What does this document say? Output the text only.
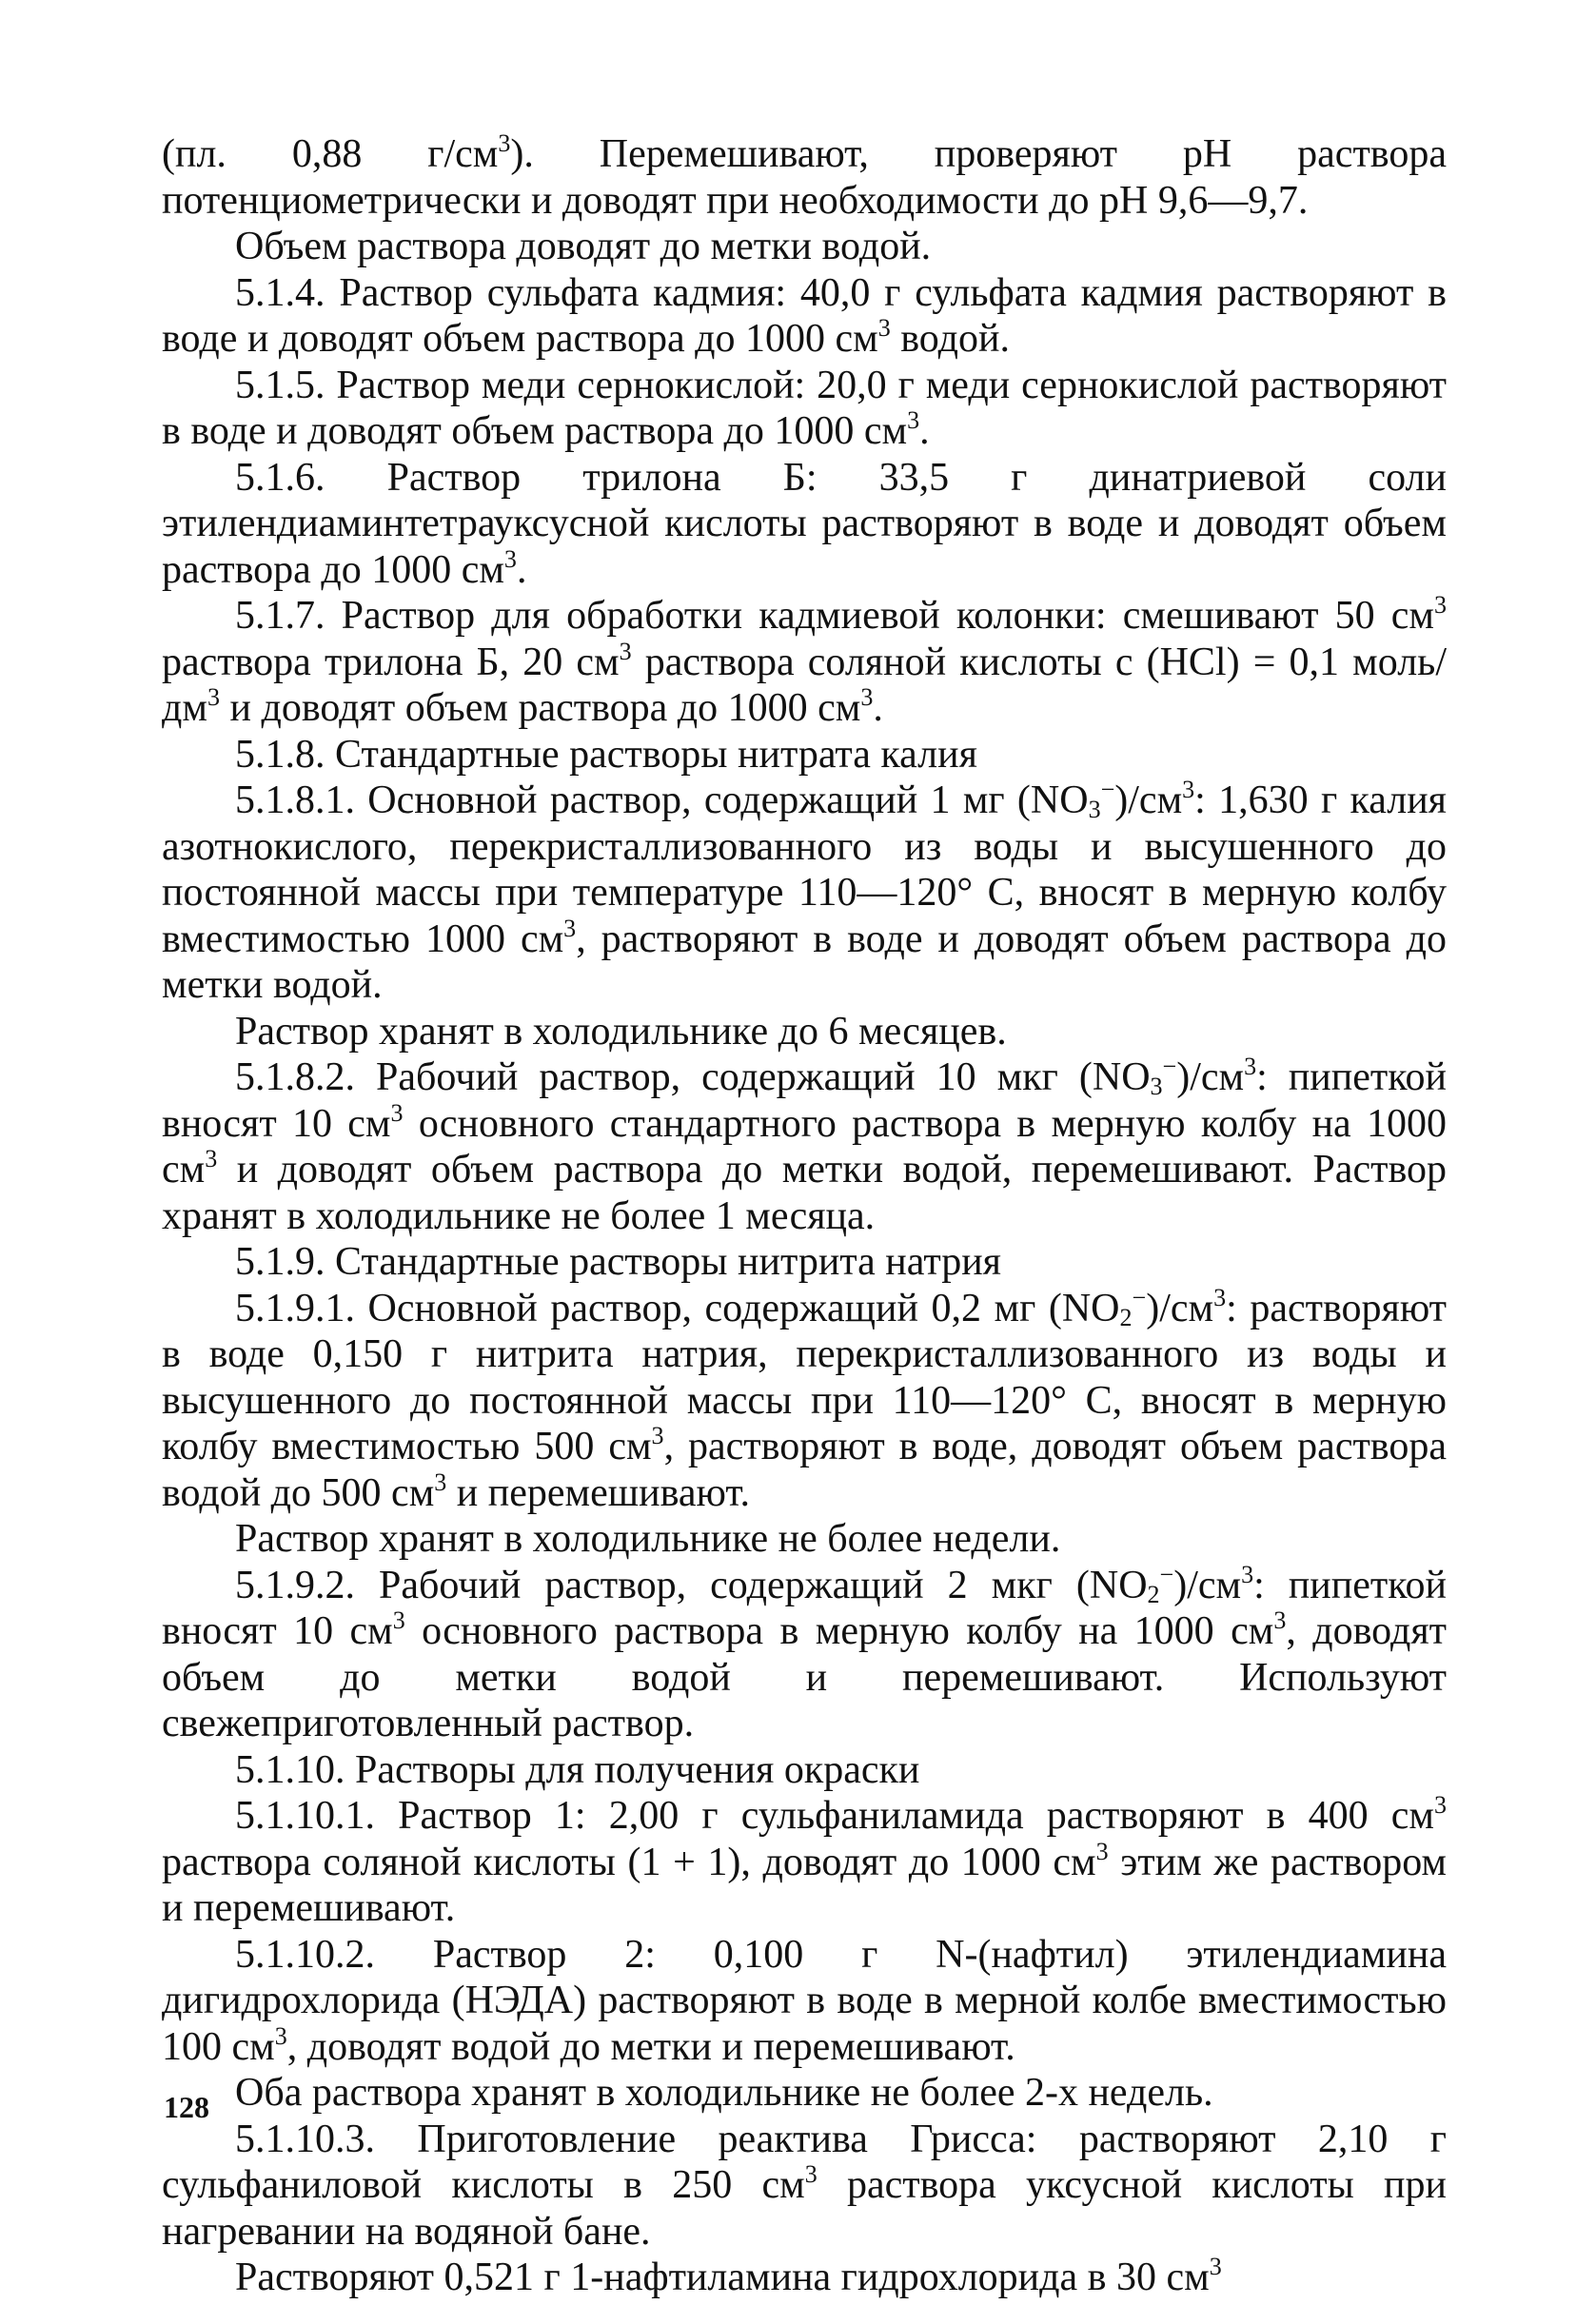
(пл. 0,88 $г/см^3$). Перемешивают, проверяют pH раствора потенциометрически и доводят при необходимости до pH 9,6—9,7.

Объем раствора доводят до метки водой.

5.1.4. Раствор сульфата кадмия: 40,0 г сульфата кадмия растворяют в воде и доводят объем раствора до 1000 $см^3$ водой.

5.1.5. Раствор меди сернокислой: 20,0 г меди сернокислой растворяют в воде и доводят объем раствора до 1000 $см^3$.

5.1.6. Раствор трилона Б: 33,5 г динатриевой соли этилендиаминтетрауксусной кислоты растворяют в воде и доводят объем раствора до 1000 $см^3$.

5.1.7. Раствор для обработки кадмиевой колонки: смешивают 50 $см^3$ раствора трилона Б, 20 $см^3$ раствора соляной кислоты с (HCl) = 0,1 моль/$дм^3$ и доводят объем раствора до 1000 $см^3$.

5.1.8. Стандартные растворы нитрата калия

5.1.8.1. Основной раствор, содержащий 1 мг $(NO_3^-)/см^3$: 1,630 г калия азотнокислого, перекристаллизованного из воды и высушенного до постоянной массы при температуре 110—120° С, вносят в мерную колбу вместимостью 1000 $см^3$, растворяют в воде и доводят объем раствора до метки водой.

Раствор хранят в холодильнике до 6 месяцев.

5.1.8.2. Рабочий раствор, содержащий 10 мкг $(NO_3^-)/см^3$: пипеткой вносят 10 $см^3$ основного стандартного раствора в мерную колбу на 1000 $см^3$ и доводят объем раствора до метки водой, перемешивают. Раствор хранят в холодильнике не более 1 месяца.

5.1.9. Стандартные растворы нитрита натрия

5.1.9.1. Основной раствор, содержащий 0,2 мг $(NO_2^-)/см^3$: растворяют в воде 0,150 г нитрита натрия, перекристаллизованного из воды и высушенного до постоянной массы при 110—120° С, вносят в мерную колбу вместимостью 500 $см^3$, растворяют в воде, доводят объем раствора водой до 500 $см^3$ и перемешивают.

Раствор хранят в холодильнике не более недели.

5.1.9.2. Рабочий раствор, содержащий 2 мкг $(NO_2^-)/см^3$: пипеткой вносят 10 $см^3$ основного раствора в мерную колбу на 1000 $см^3$, доводят объем до метки водой и перемешивают. Используют свежеприготовленный раствор.

5.1.10. Растворы для получения окраски

5.1.10.1. Раствор 1: 2,00 г сульфаниламида растворяют в 400 $см^3$ раствора соляной кислоты (1 + 1), доводят до 1000 $см^3$ этим же раствором и перемешивают.

5.1.10.2. Раствор 2: 0,100 г N-(нафтил) этилендиамина дигидрохлорида (НЭДА) растворяют в воде в мерной колбе вместимостью 100 $см^3$, доводят водой до метки и перемешивают.

Оба раствора хранят в холодильнике не более 2-х недель.

5.1.10.3. Приготовление реактива Грисса: растворяют 2,10 г сульфаниловой кислоты в 250 $см^3$ раствора уксусной кислоты при нагревании на водяной бане.

Растворяют 0,521 г 1-нафтиламина гидрохлорида в 30 $см^3$

128
